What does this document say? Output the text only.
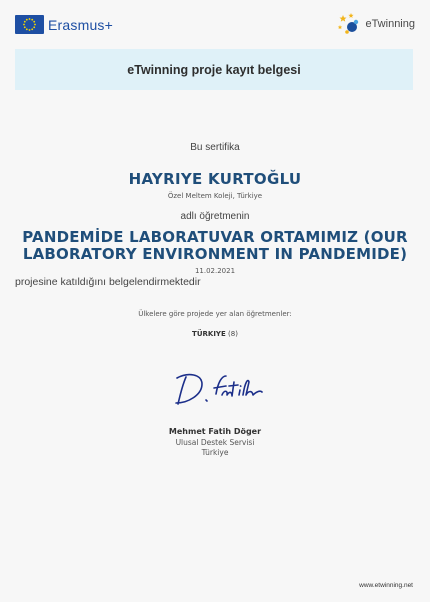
Erasmus+	eTwinning
eTwinning proje kayıt belgesi
Bu sertifika
HAYRIYE KURTOĞLU
Özel Meltem Koleji, Türkiye
adlı öğretmenin
PANDEMİDE LABORATUVAR ORTAMIMIZ (OUR LABORATORY ENVIRONMENT IN PANDEMIDE)
11.02.2021
projesine katıldığını belgelendirmektedir
Ülkelere göre projede yer alan öğretmenler:
TÜRKIYE (8)
Mehmet Fatih Döger
Ulusal Destek Servisi
Türkiye
www.etwinning.net
